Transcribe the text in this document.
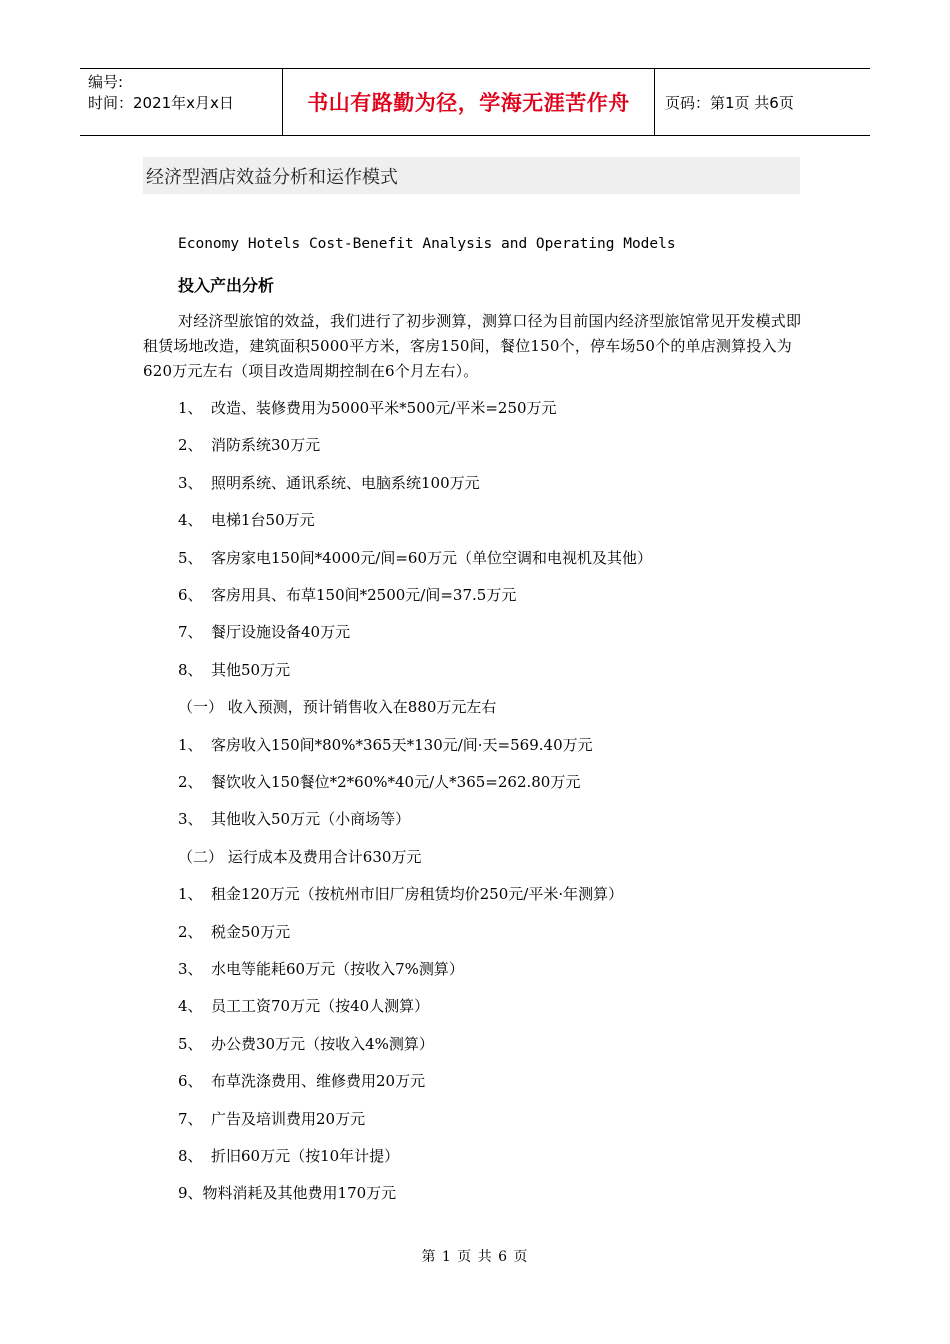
编号:
时间：2021年x月x日	书山有路勤为径，学海无涯苦作舟	页码：第1页 共6页
经济型酒店效益分析和运作模式
Economy Hotels Cost-Benefit Analysis and Operating Models
投入产出分析
对经济型旅馆的效益，我们进行了初步测算，测算口径为目前国内经济型旅馆常见开发模式即租赁场地改造，建筑面积5000平方米，客房150间，餐位150个，停车场50个的单店测算投入为620万元左右（项目改造周期控制在6个月左右）。
1、 改造、装修费用为5000平米*500元/平米=250万元
2、 消防系统30万元
3、 照明系统、通讯系统、电脑系统100万元
4、 电梯1台50万元
5、 客房家电150间*4000元/间=60万元（单位空调和电视机及其他）
6、 客房用具、布草150间*2500元/间=37.5万元
7、 餐厅设施设备40万元
8、 其他50万元
（一） 收入预测，预计销售收入在880万元左右
1、 客房收入150间*80%*365天*130元/间·天=569.40万元
2、 餐饮收入150餐位*2*60%*40元/人*365=262.80万元
3、 其他收入50万元（小商场等）
（二） 运行成本及费用合计630万元
1、 租金120万元（按杭州市旧厂房租赁均价250元/平米·年测算）
2、 税金50万元
3、 水电等能耗60万元（按收入7%测算）
4、 员工工资70万元（按40人测算）
5、 办公费30万元（按收入4%测算）
6、 布草洗涤费用、维修费用20万元
7、 广告及培训费用20万元
8、 折旧60万元（按10年计提）
9、物料消耗及其他费用170万元
第 1 页 共 6 页
